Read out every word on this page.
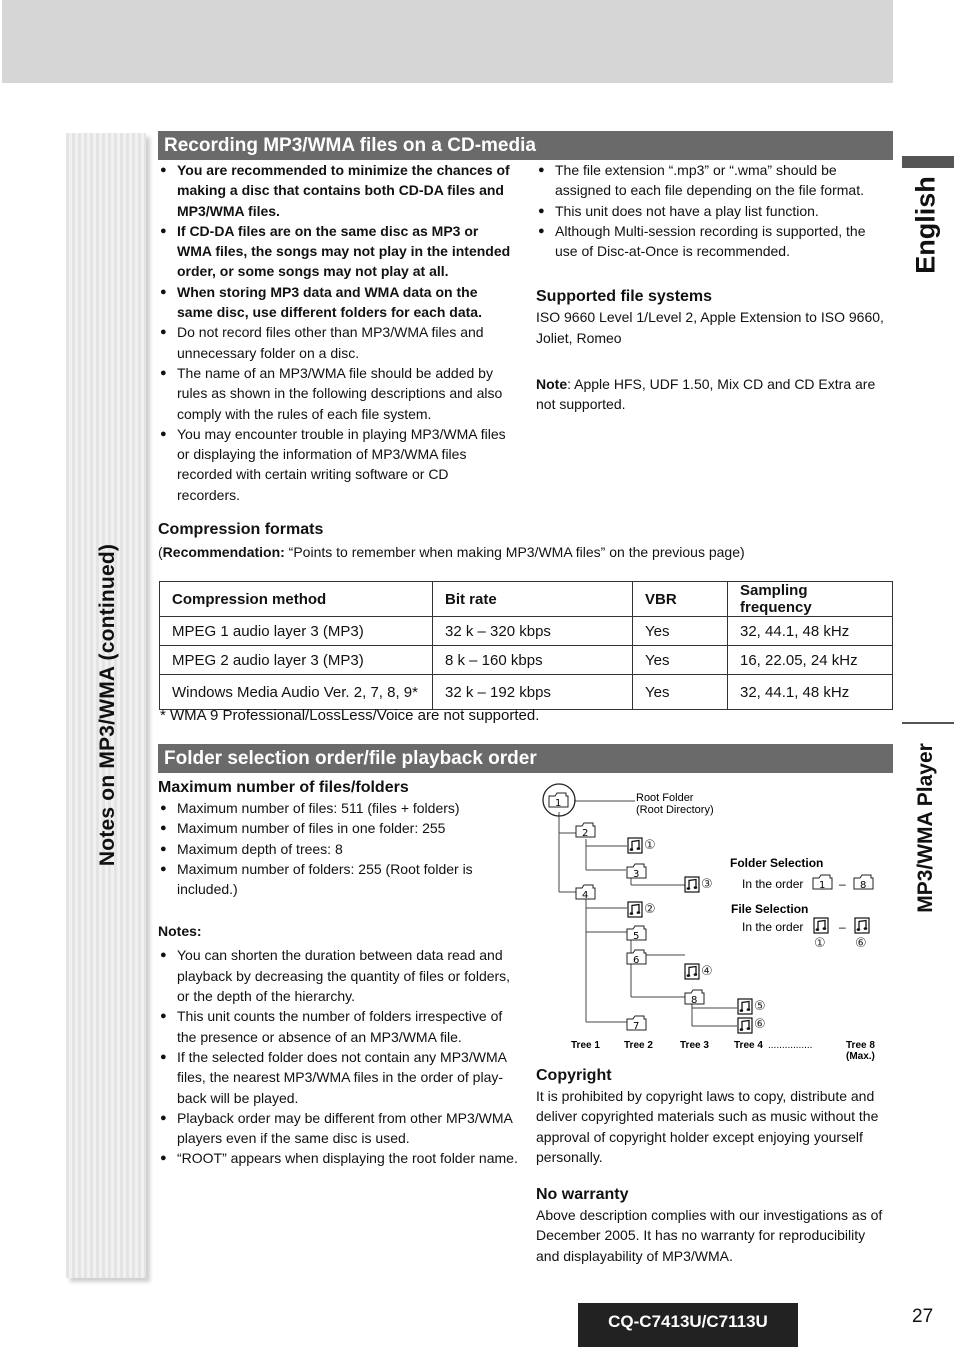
Notes on MP3/WMA (continued)
English
MP3/WMA Player
Recording MP3/WMA files on a CD-media
● You are recommended to minimize the chances of making a disc that contains both CD-DA files and MP3/WMA files.
● If CD-DA files are on the same disc as MP3 or WMA files, the songs may not play in the intended order, or some songs may not play at all.
● When storing MP3 data and WMA data on the same disc, use different folders for each data.
● Do not record files other than MP3/WMA files and unnecessary folder on a disc.
● The name of an MP3/WMA file should be added by rules as shown in the following descriptions and also comply with the rules of each file system.
● You may encounter trouble in playing MP3/WMA files or displaying the information of MP3/WMA files recorded with certain writing software or CD recorders.
● The file extension “.mp3” or “.wma” should be assigned to each file depending on the file format.
● This unit does not have a play list function.
● Although Multi-session recording is supported, the use of Disc-at-Once is recommended.
Supported file systems

ISO 9660 Level 1/Level 2, Apple Extension to ISO 9660, Joliet, Romeo

Note: Apple HFS, UDF 1.50, Mix CD and CD Extra are not supported.

Compression formats

(Recommendation: “Points to remember when making MP3/WMA files” on the previous page)

Compression method	Bit rate	VBR	Sampling frequency
MPEG 1 audio layer 3 (MP3)	32 k – 320 kbps	Yes	32, 44.1, 48 kHz
MPEG 2 audio layer 3 (MP3)	8 k – 160 kbps	Yes	16, 22.05, 24 kHz
Windows Media Audio Ver. 2, 7, 8, 9*	32 k – 192 kbps	Yes	32, 44.1, 48 kHz
* WMA 9 Professional/LossLess/Voice are not supported.
Folder selection order/file playback order
Maximum number of files/folders
● Maximum number of files: 511 (files + folders)
● Maximum number of files in one folder: 255
● Maximum depth of trees: 8
● Maximum number of folders: 255 (Root folder is included.)
Notes:
● You can shorten the duration between data read and playback by decreasing the quantity of files or folders, or the depth of the hierarchy.
● This unit counts the number of folders irrespective of the presence or absence of an MP3/WMA file.
● If the selected folder does not contain any MP3/WMA files, the nearest MP3/WMA files in the order of play-back will be played.
● Playback order may be different from other MP3/WMA players even if the same disc is used.
● “ROOT” appears when displaying the root folder name.
1
2
3
4
5
6
7
8
1	8
①
②
③
④
⑤
⑥
Root Folder
(Root Directory)
Folder Selection
In the order	–
File Selection
In the order	–
① ⑥
Tree 1 Tree 2	Tree 3	Tree 4 ................	Tree 8
(Max.)
Copyright

It is prohibited by copyright laws to copy, distribute and deliver copyrighted materials such as music without the approval of copyright holder except enjoying yourself personally.

No warranty

Above description complies with our investigations as of December 2005. It has no warranty for reproducibility and displayability of MP3/WMA.

CQ-C7413U/C7113U	27
